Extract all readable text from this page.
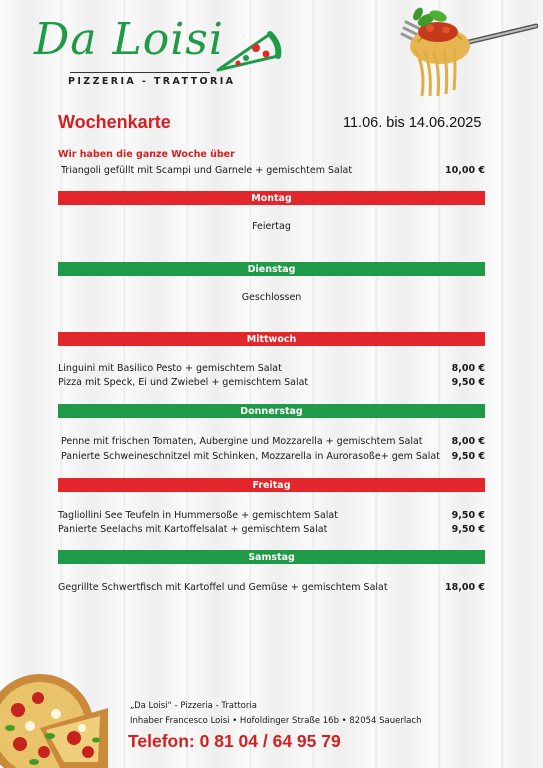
Da Loisi
PIZZERIA - TRATTORIA
Wochenkarte	11.06. bis 14.06.2025
Wir haben die ganze Woche über
Triangoli gefüllt mit Scampi und Garnele + gemischtem Salat	10,00 €
Montag
Feiertag
Dienstag
Geschlossen
Mittwoch
Linguini mit Basilico Pesto + gemischtem Salat	8,00 €
Pizza mit Speck, Ei und Zwiebel + gemischtem Salat	9,50 €
Donnerstag
Penne mit frischen Tomaten, Aubergine und Mozzarella + gemischtem Salat	8,00 €
Panierte Schweineschnitzel mit Schinken, Mozzarella in Aurorasoße+ gem Salat 9,50 €
Freitag
Tagliollini See Teufeln in Hummersoße + gemischtem Salat	9,50 €
Panierte Seelachs mit Kartoffelsalat + gemischtem Salat	9,50 €
Samstag
Gegrillte Schwertfisch mit Kartoffel und Gemüse + gemischtem Salat	18,00 €
„Da Loisi“ - Pizzeria - Trattoria
Inhaber Francesco Loisi • Hofoldinger Straße 16b • 82054 Sauerlach
Telefon: 0 81 04 / 64 95 79
